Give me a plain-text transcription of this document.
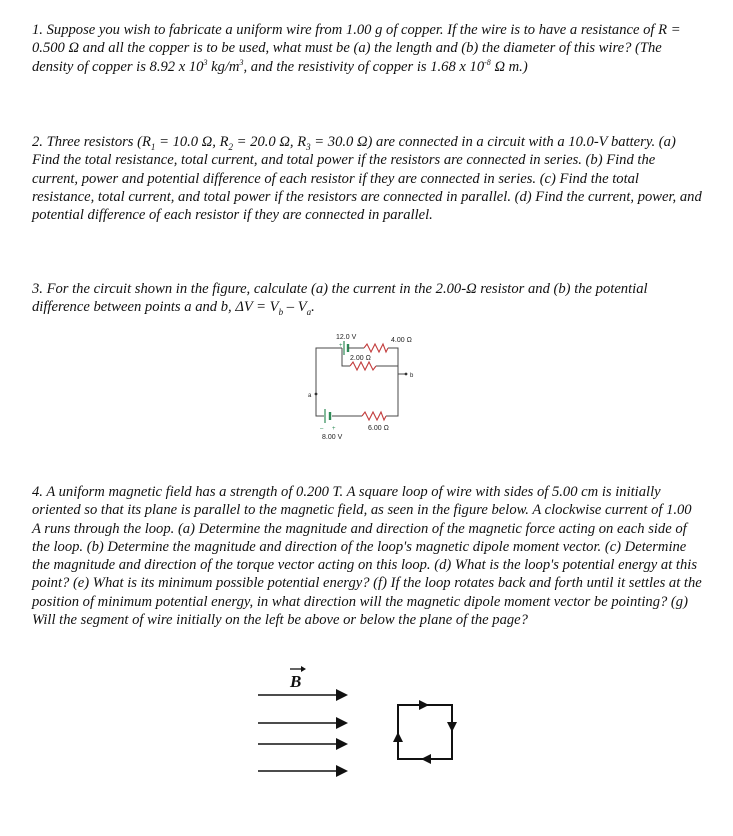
1. Suppose you wish to fabricate a uniform wire from 1.00 g of copper. If the wire is to have a resistance of R = 0.500 Ω and all the copper is to be used, what must be (a) the length and (b) the diameter of this wire? (The density of copper is 8.92 x $10^3$ $kg/m^3$, and the resistivity of copper is 1.68 x $10^{-8}$ Ω m.)

2. Three resistors ($R_1 = 10.0$ Ω, $R_2 = 20.0$ Ω, $R_3 = 30.0$ Ω) are connected in a circuit with a 10.0-V battery. (a) Find the total resistance, total current, and total power if the resistors are connected in series. (b) Find the current, power and potential difference of each resistor if they are connected in series. (c) Find the total resistance, total current, and total power if the resistors are connected in parallel. (d) Find the current, power, and potential difference of each resistor if they are connected in parallel.

3. For the circuit shown in the figure, calculate (a) the current in the 2.00-Ω resistor and (b) the potential difference between points a and b, $\Delta V = V_b - V_a$.

12.0 V
+
4.00 Ω
2.00 Ω
6.00 Ω
– +
8.00 V
a
b

4. A uniform magnetic field has a strength of 0.200 T. A square loop of wire with sides of 5.00 cm is initially oriented so that its plane is parallel to the magnetic field, as seen in the figure below. A clockwise current of 1.00 A runs through the loop. (a) Determine the magnitude and direction of the magnetic force acting on each side of the loop. (b) Determine the magnitude and direction of the loop's magnetic dipole moment vector. (c) Determine the magnitude and direction of the torque vector acting on this loop. (d) What is the loop's potential energy at this point? (e) What is its minimum possible potential energy? (f) If the loop rotates back and forth until it settles at the position of minimum potential energy, in what direction will the magnetic dipole moment vector be pointing? (g) Will the segment of wire initially on the left be above or below the plane of the page?

B
